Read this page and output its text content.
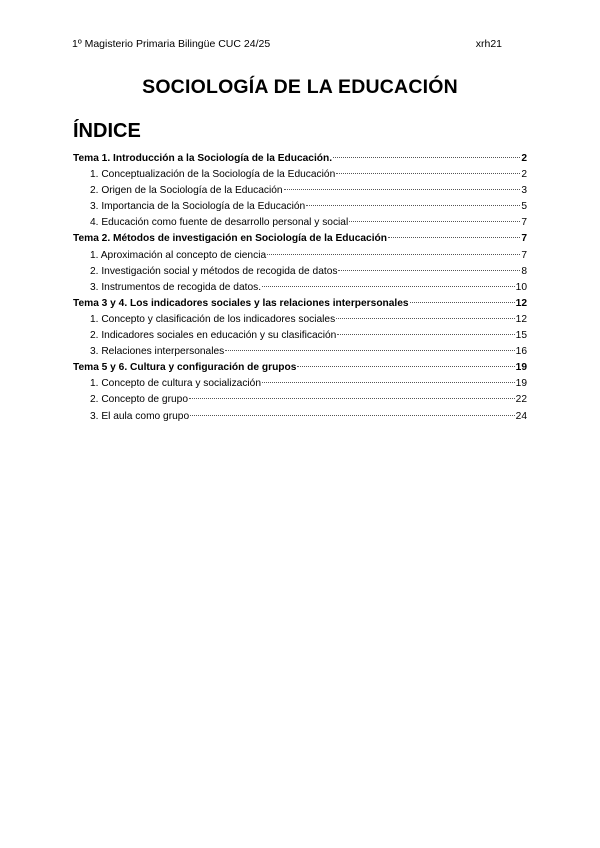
1º Magisterio Primaria Bilingüe CUC 24/25	xrh21
SOCIOLOGÍA DE LA EDUCACIÓN
ÍNDICE
Tema 1. Introducción a la Sociología de la Educación.	2
1. Conceptualización de la Sociología de la Educación	2
2. Origen de la Sociología de la Educación	3
3. Importancia de la Sociología de la Educación	5
4. Educación como fuente de desarrollo personal y social	7
Tema 2. Métodos de investigación en Sociología de la Educación	7
1. Aproximación al concepto de ciencia	7
2. Investigación social y métodos de recogida de datos	8
3. Instrumentos de recogida de datos.	10
Tema 3 y 4. Los indicadores sociales y las relaciones interpersonales	12
1. Concepto y clasificación de los indicadores sociales	12
2. Indicadores sociales en educación y su clasificación	15
3. Relaciones interpersonales	16
Tema 5 y 6. Cultura y configuración de grupos	19
1. Concepto de cultura y socialización	19
2. Concepto de grupo	22
3. El aula como grupo	24
